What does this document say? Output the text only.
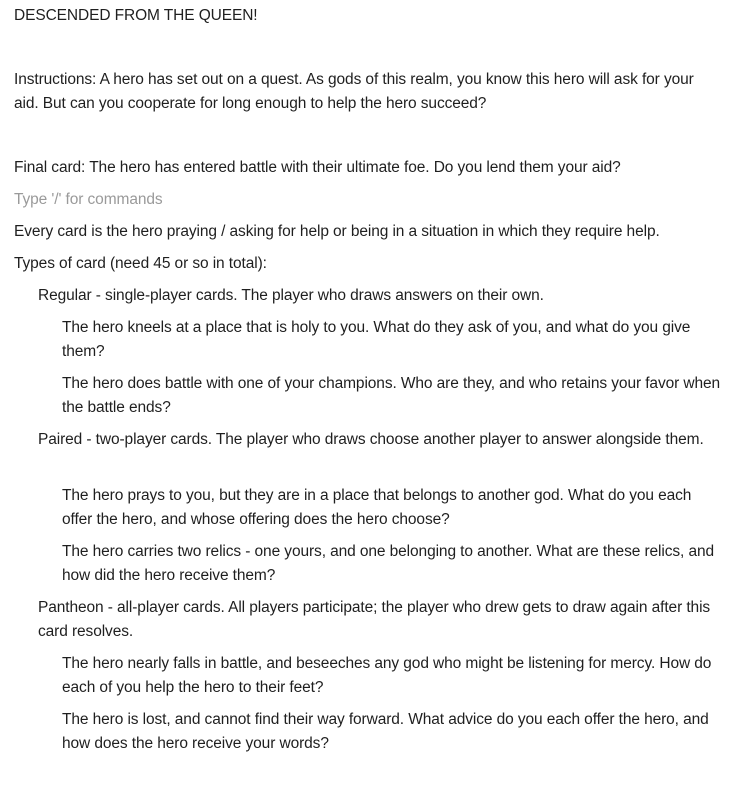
DESCENDED FROM THE QUEEN!
Instructions: A hero has set out on a quest. As gods of this realm, you know this hero will ask for your aid. But can you cooperate for long enough to help the hero succeed?
Final card: The hero has entered battle with their ultimate foe. Do you lend them your aid?
Type '/' for commands
Every card is the hero praying / asking for help or being in a situation in which they require help.
Types of card (need 45 or so in total):
Regular - single-player cards. The player who draws answers on their own.
The hero kneels at a place that is holy to you. What do they ask of you, and what do you give them?
The hero does battle with one of your champions. Who are they, and who retains your favor when the battle ends?
Paired - two-player cards. The player who draws choose another player to answer alongside them.
The hero prays to you, but they are in a place that belongs to another god. What do you each offer the hero, and whose offering does the hero choose?
The hero carries two relics - one yours, and one belonging to another. What are these relics, and how did the hero receive them?
Pantheon - all-player cards. All players participate; the player who drew gets to draw again after this card resolves.
The hero nearly falls in battle, and beseeches any god who might be listening for mercy. How do each of you help the hero to their feet?
The hero is lost, and cannot find their way forward. What advice do you each offer the hero, and how does the hero receive your words?
